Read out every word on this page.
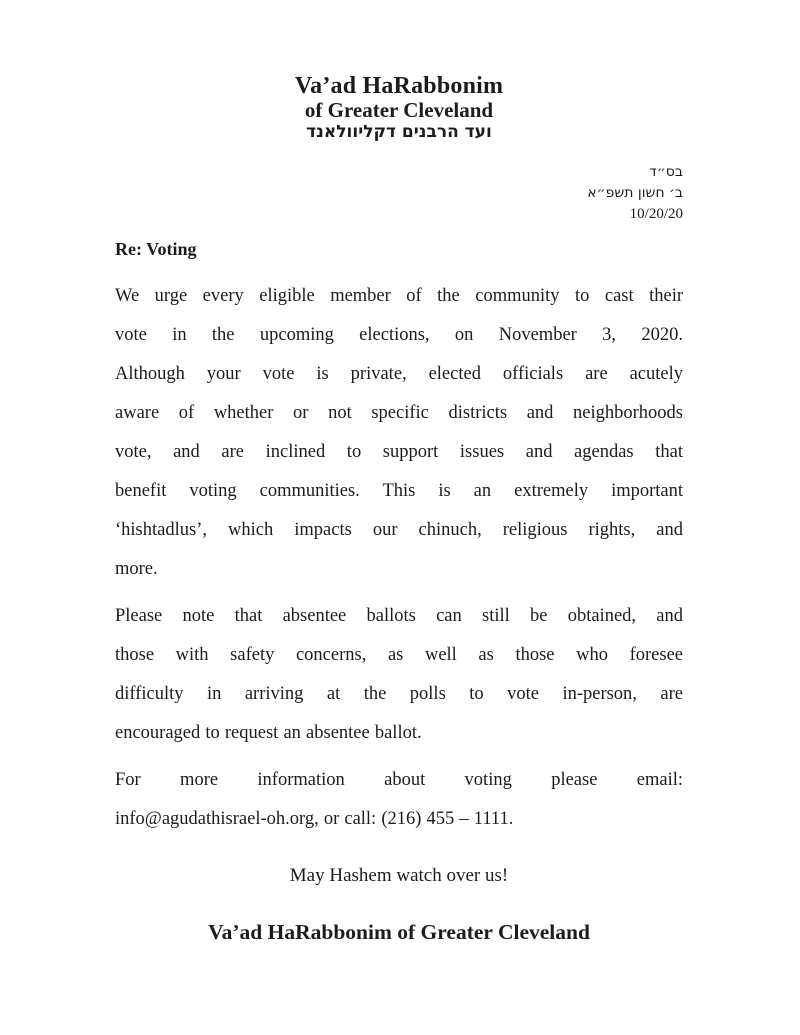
Va’ad HaRabbonim
of Greater Cleveland
ועד הרבנים דקליוולאנד
בס״ד
ב׳ חשון תשפ״א
10/20/20
Re: Voting
We urge every eligible member of the community to cast their
vote in the upcoming elections, on November 3, 2020.
Although your vote is private, elected officials are acutely
aware of whether or not specific districts and neighborhoods
vote, and are inclined to support issues and agendas that
benefit voting communities. This is an extremely important
‘hishtadlus’, which impacts our chinuch, religious rights, and
more.
Please note that absentee ballots can still be obtained, and
those with safety concerns, as well as those who foresee
difficulty in arriving at the polls to vote in-person, are
encouraged to request an absentee ballot.
For more information about voting please email:
info@agudathisrael-oh.org, or call: (216) 455 – 1111.
May Hashem watch over us!
Va’ad HaRabbonim of Greater Cleveland
